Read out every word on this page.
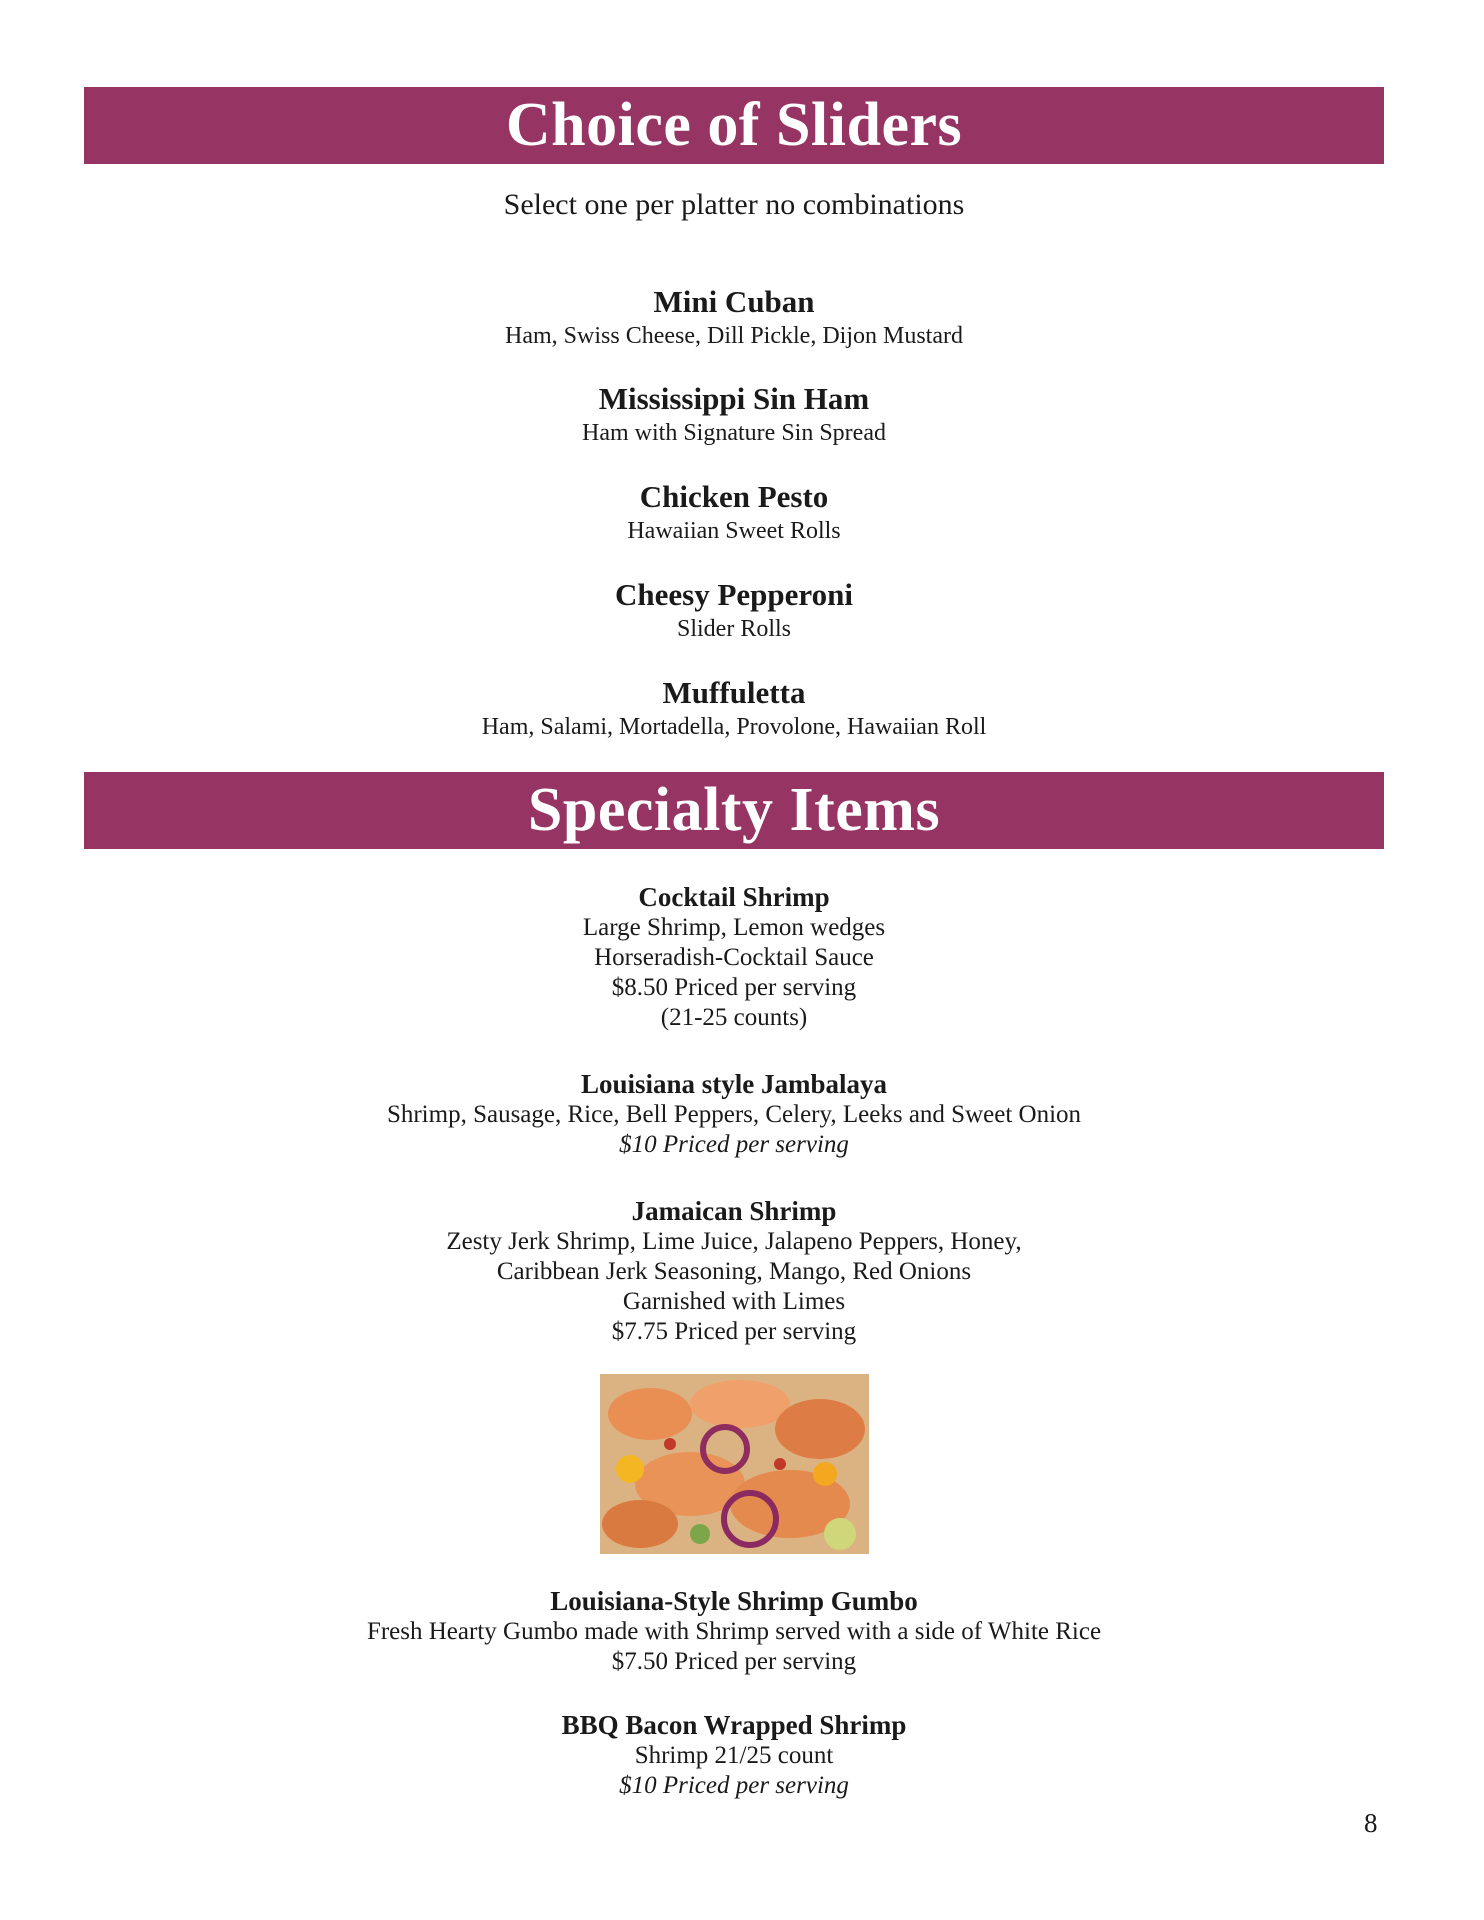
Choice of Sliders
Select one per platter no combinations
Mini Cuban
Ham, Swiss Cheese, Dill Pickle, Dijon Mustard
Mississippi Sin Ham
Ham with Signature Sin Spread
Chicken Pesto
Hawaiian Sweet Rolls
Cheesy Pepperoni
Slider Rolls
Muffuletta
Ham, Salami, Mortadella, Provolone, Hawaiian Roll
Specialty Items
Cocktail Shrimp
Large Shrimp, Lemon wedges
Horseradish-Cocktail Sauce
$8.50 Priced per serving
(21-25 counts)
Louisiana style Jambalaya
Shrimp, Sausage, Rice, Bell Peppers, Celery, Leeks and Sweet Onion
$10 Priced per serving
Jamaican Shrimp
Zesty Jerk Shrimp, Lime Juice, Jalapeno Peppers, Honey,
Caribbean Jerk Seasoning, Mango, Red Onions
Garnished with Limes
$7.75 Priced per serving
Louisiana-Style Shrimp Gumbo
Fresh Hearty Gumbo made with Shrimp served with a side of White Rice
$7.50 Priced per serving
BBQ Bacon Wrapped Shrimp
Shrimp 21/25 count
$10 Priced per serving
8
